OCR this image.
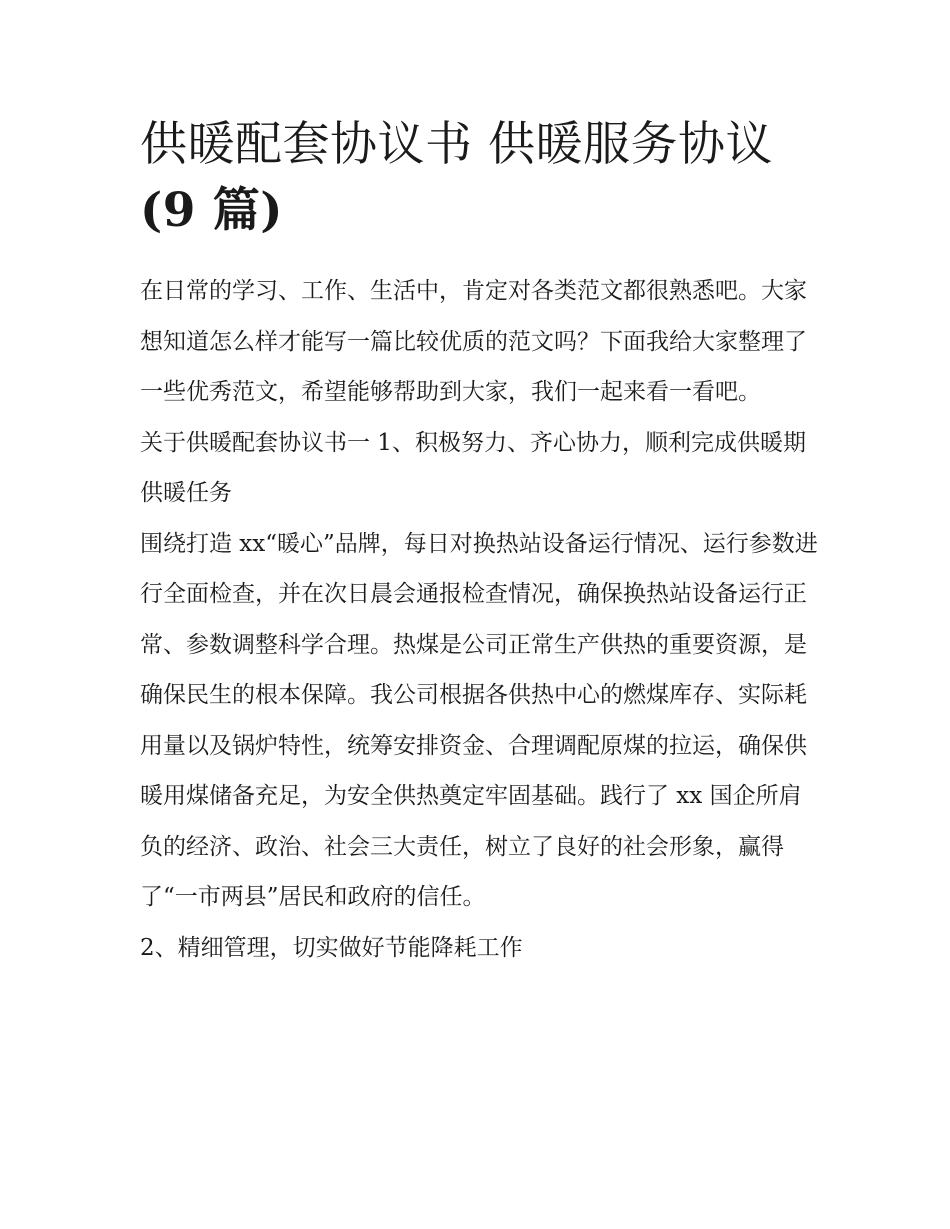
供暖配套协议书 供暖服务协议
(9 篇)

在日常的学习、工作、生活中，肯定对各类范文都很熟悉吧。大家想知道怎么样才能写一篇比较优质的范文吗？下面我给大家整理了一些优秀范文，希望能够帮助到大家，我们一起来看一看吧。

关于供暖配套协议书一 1、积极努力、齐心协力，顺利完成供暖期供暖任务

围绕打造 xx“暖心”品牌，每日对换热站设备运行情况、运行参数进行全面检查，并在次日晨会通报检查情况，确保换热站设备运行正常、参数调整科学合理。热煤是公司正常生产供热的重要资源，是确保民生的根本保障。我公司根据各供热中心的燃煤库存、实际耗用量以及锅炉特性，统筹安排资金、合理调配原煤的拉运，确保供暖用煤储备充足，为安全供热奠定牢固基础。践行了 xx 国企所肩负的经济、政治、社会三大责任，树立了良好的社会形象，赢得了“一市两县”居民和政府的信任。

2、精细管理，切实做好节能降耗工作
